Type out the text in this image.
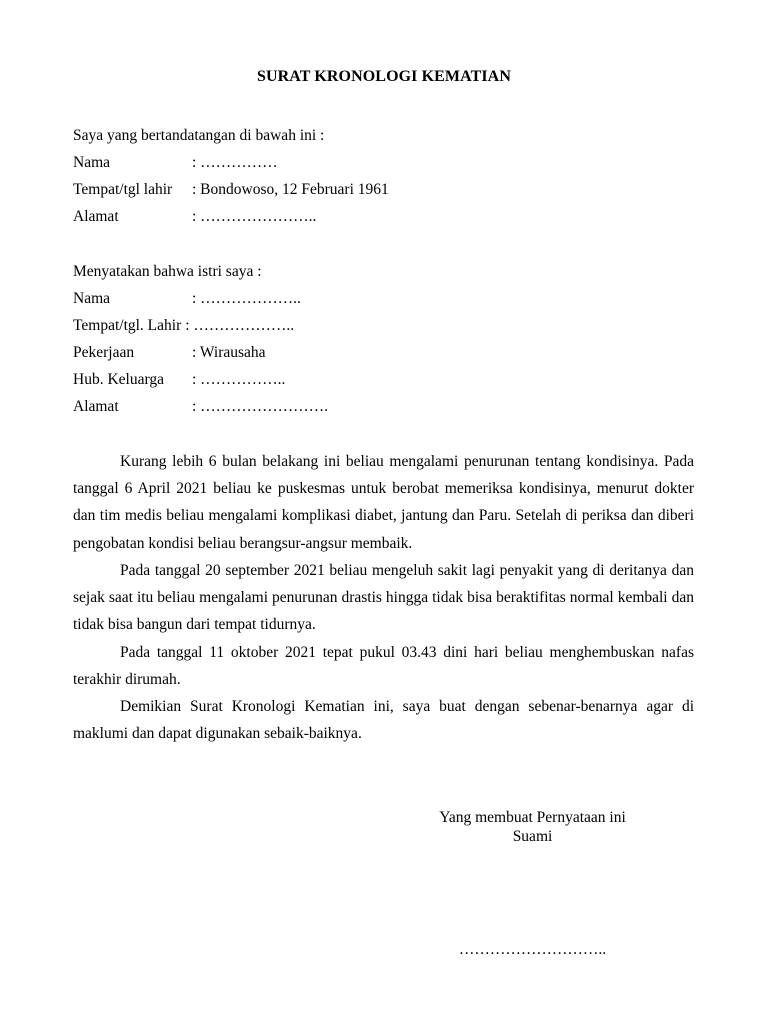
SURAT KRONOLOGI KEMATIAN
Saya yang bertandatangan di bawah ini :
Nama	: ……………
Tempat/tgl lahir : Bondowoso, 12 Februari 1961
Alamat	: …………………..
Menyatakan bahwa istri saya :
Nama	: ………………..
Tempat/tgl. Lahir : ………………..
Pekerjaan	: Wirausaha
Hub. Keluarga : ……………..
Alamat	: …………………….
Kurang lebih 6 bulan belakang ini beliau mengalami penurunan tentang kondisinya. Pada tanggal 6 April 2021 beliau ke puskesmas untuk berobat memeriksa kondisinya, menurut dokter dan tim medis beliau mengalami komplikasi diabet, jantung dan Paru. Setelah di periksa dan diberi pengobatan kondisi beliau berangsur-angsur membaik.
Pada tanggal 20 september 2021 beliau mengeluh sakit lagi penyakit yang di deritanya dan sejak saat itu beliau mengalami penurunan drastis hingga tidak bisa beraktifitas normal kembali dan tidak bisa bangun dari tempat tidurnya.
Pada tanggal 11 oktober 2021 tepat pukul 03.43 dini hari beliau menghembuskan nafas terakhir dirumah.
Demikian Surat Kronologi Kematian ini, saya buat dengan sebenar-benarnya agar di maklumi dan dapat digunakan sebaik-baiknya.
Yang membuat Pernyataan ini
Suami
………………………..
